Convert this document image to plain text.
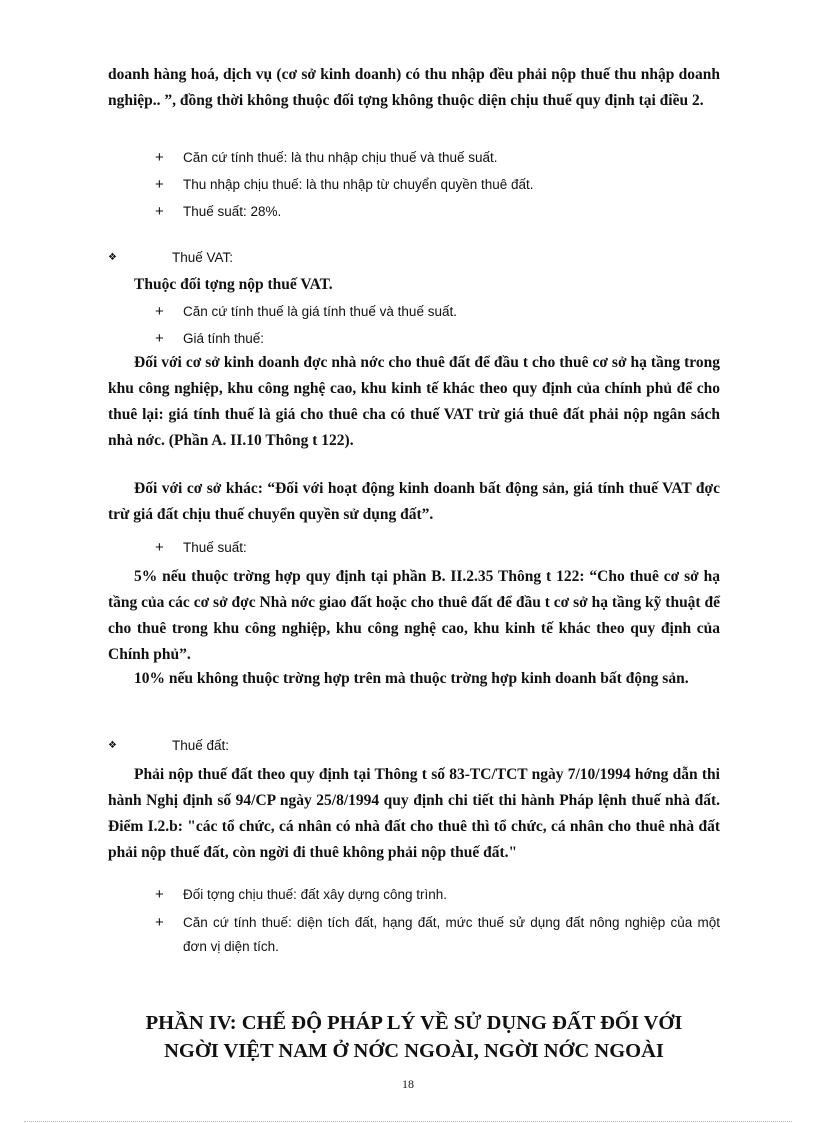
doanh hàng hoá, dịch vụ (cơ sở kinh doanh) có thu nhập đều phải nộp thuế thu nhập doanh nghiệp.. ”, đồng thời không thuộc đối tợng không thuộc diện chịu thuế quy định tại điều 2.

+	Căn cứ tính thuế: là thu nhập chịu thuế và thuế suất.
+	Thu nhập chịu thuế: là thu nhập từ chuyển quyền thuê đất.
+	Thuế suất: 28%.
❖	Thuế VAT:

Thuộc đối tợng nộp thuế VAT.

+	Căn cứ tính thuế là giá tính thuế và thuế suất.
+	Giá tính thuế:

Đối với cơ sở kinh doanh đợc nhà nớc cho thuê đất để đầu t cho thuê cơ sở hạ tầng trong khu công nghiệp, khu công nghệ cao, khu kinh tế khác theo quy định của chính phủ để cho thuê lại: giá tính thuế là giá cho thuê cha có thuế VAT trừ giá thuê đất phải nộp ngân sách nhà nớc. (Phần A. II.10 Thông t 122).

Đối với cơ sở khác: “Đối với hoạt động kinh doanh bất động sản, giá tính thuế VAT đợc trừ giá đất chịu thuế chuyển quyền sử dụng đất”.

+	Thuế suất:

5% nếu thuộc trờng hợp quy định tại phần B. II.2.35 Thông t 122: “Cho thuê cơ sở hạ tầng của các cơ sở đợc Nhà nớc giao đất hoặc cho thuê đất để đầu t cơ sở hạ tầng kỹ thuật để cho thuê trong khu công nghiệp, khu công nghệ cao, khu kinh tế khác theo quy định của Chính phủ”.

10% nếu không thuộc trờng hợp trên mà thuộc trờng hợp kinh doanh bất động sản.

❖	Thuế đất:

Phải nộp thuế đất theo quy định tại Thông t số 83-TC/TCT ngày 7/10/1994 hớng dẫn thi hành Nghị định số 94/CP ngày 25/8/1994 quy định chi tiết thi hành Pháp lệnh thuế nhà đất. Điểm I.2.b: "các tổ chức, cá nhân có nhà đất cho thuê thì tổ chức, cá nhân cho thuê nhà đất phải nộp thuế đất, còn ngời đi thuê không phải nộp thuế đất."

+	Đối tợng chịu thuế: đất xây dựng công trình.
+	Căn cứ tính thuế: diện tích đất, hạng đất, mức thuế sử dụng đất nông nghiệp của một đơn vị diện tích.

PHẦN IV: CHẾ ĐỘ PHÁP LÝ VỀ SỬ DỤNG ĐẤT ĐỐI VỚI

NGỜI VIỆT NAM Ở NỚC NGOÀI, NGỜI NỚC NGOÀI

18
